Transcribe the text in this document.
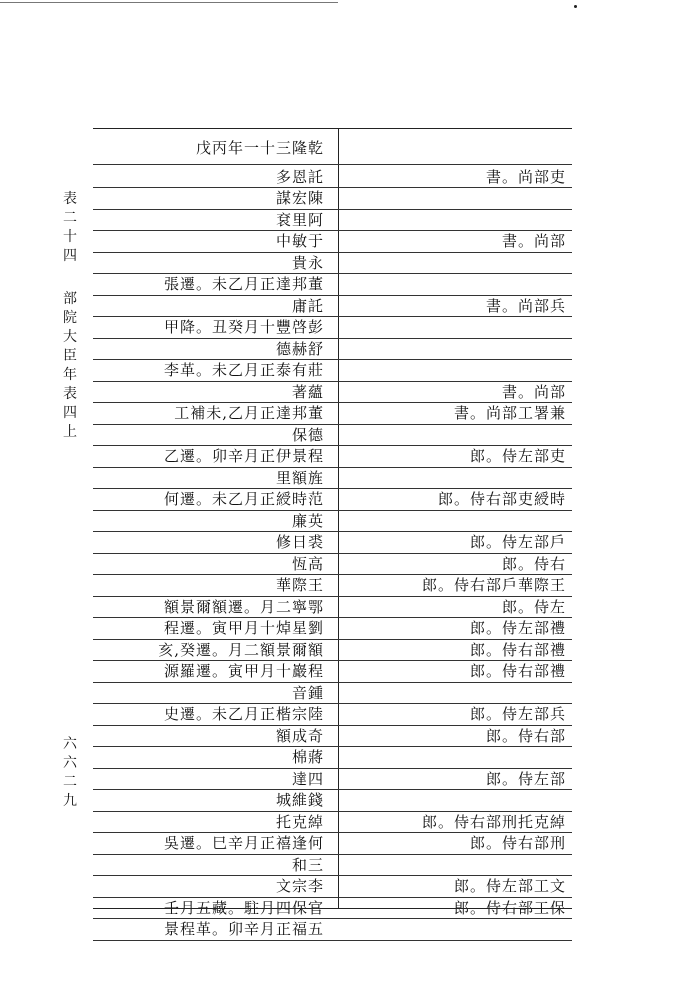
表二十四
部院大臣年表四上
六六二九
戊丙年一十三隆乾
多恩託	書。尚部吏
謀宏陳
袞里阿
中敏于	書。尚部
貴永
張遷。未乙月正達邦董
庸託	書。尚部兵
甲降。丑癸月十豐啓彭
德赫舒
李革。未乙月正泰有莊
著蘊	書。尚部
工補未,乙月正達邦董	書。尚部工署兼
保德
乙遷。卯辛月正伊景程	郎。侍左部吏
里額旌
何遷。未乙月正綬時范	郎。侍右部吏綬時
廉英
修日裘	郎。侍左部戶
恆高	郎。侍右
華際王	郎。侍右部戶華際王
額景爾額遷。月二寧鄂	郎。侍左
程遷。寅甲月十焯星劉	郎。侍左部禮
亥,癸遷。月二額景爾額	郎。侍右部禮
源羅遷。寅甲月十巖程	郎。侍右部禮
音鍾
史遷。未乙月正楷宗陸	郎。侍左部兵
額成奇	郎。侍右部
棉蔣
達四	郎。侍左部
城維錢
托克綽	郎。侍右部刑托克綽
吳遷。巳辛月正禧逢何	郎。侍右部刑
和三
文宗李	郎。侍左部工文
壬月五藏。駐月四保官	郎。侍右部工保
景程革。卯辛月正福五
